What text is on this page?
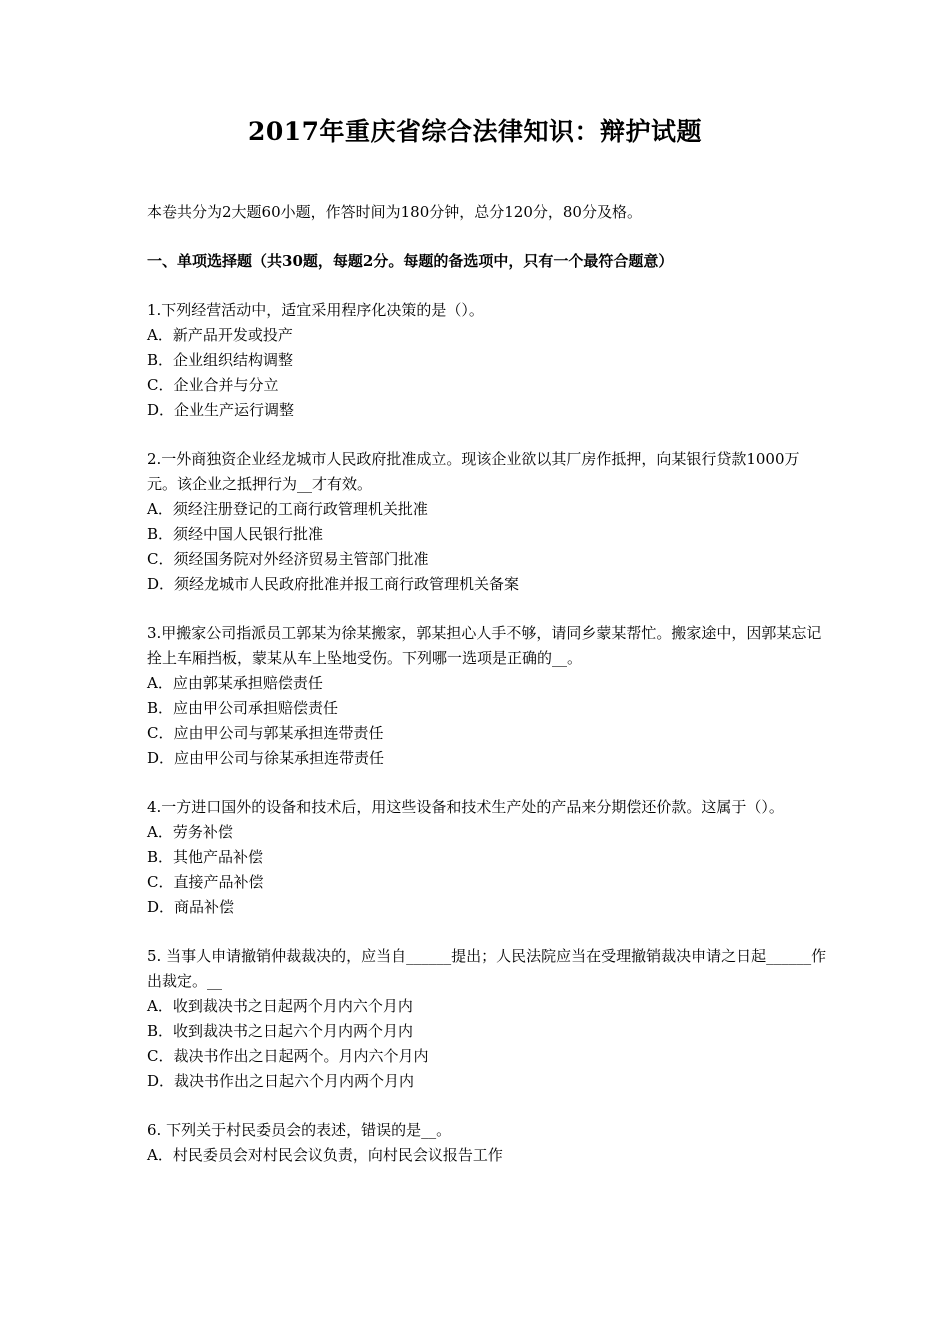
2017年重庆省综合法律知识：辩护试题
本卷共分为2大题60小题，作答时间为180分钟，总分120分，80分及格。
一、单项选择题（共30题，每题2分。每题的备选项中，只有一个最符合题意）
1.下列经营活动中，适宜采用程序化决策的是（）。
A．新产品开发或投产
B．企业组织结构调整
C．企业合并与分立
D．企业生产运行调整
2.一外商独资企业经龙城市人民政府批准成立。现该企业欲以其厂房作抵押，向某银行贷款1000万元。该企业之抵押行为__才有效。
A．须经注册登记的工商行政管理机关批准
B．须经中国人民银行批准
C．须经国务院对外经济贸易主管部门批准
D．须经龙城市人民政府批准并报工商行政管理机关备案
3.甲搬家公司指派员工郭某为徐某搬家，郭某担心人手不够，请同乡蒙某帮忙。搬家途中，因郭某忘记拴上车厢挡板，蒙某从车上坠地受伤。下列哪一选项是正确的__。
A．应由郭某承担赔偿责任
B．应由甲公司承担赔偿责任
C．应由甲公司与郭某承担连带责任
D．应由甲公司与徐某承担连带责任
4.一方进口国外的设备和技术后，用这些设备和技术生产处的产品来分期偿还价款。这属于（）。
A．劳务补偿
B．其他产品补偿
C．直接产品补偿
D．商品补偿
5. 当事人申请撤销仲裁裁决的，应当自______提出；人民法院应当在受理撤销裁决申请之日起______作出裁定。__
A．收到裁决书之日起两个月内六个月内
B．收到裁决书之日起六个月内两个月内
C．裁决书作出之日起两个。月内六个月内
D．裁决书作出之日起六个月内两个月内
6. 下列关于村民委员会的表述，错误的是__。
A．村民委员会对村民会议负责，向村民会议报告工作
